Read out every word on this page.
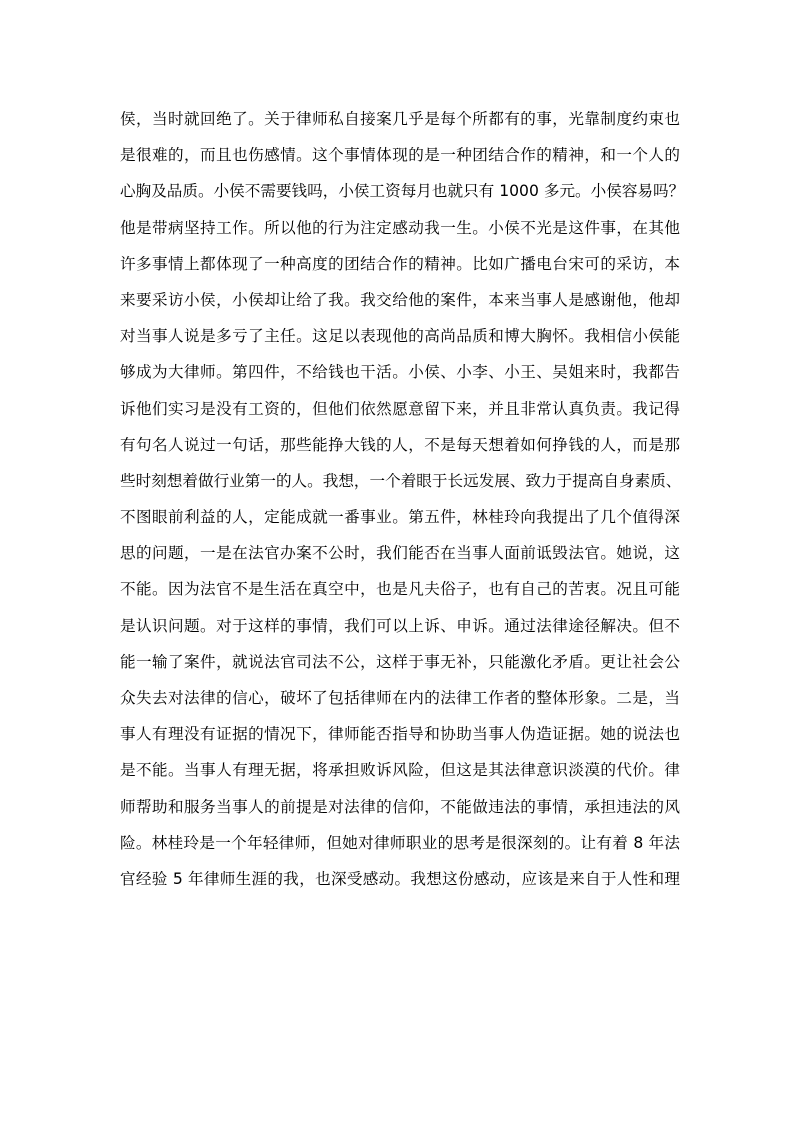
侯，当时就回绝了。关于律师私自接案几乎是每个所都有的事，光靠制度约束也
是很难的，而且也伤感情。这个事情体现的是一种团结合作的精神，和一个人的
心胸及品质。小侯不需要钱吗，小侯工资每月也就只有 1000 多元。小侯容易吗？
他是带病坚持工作。所以他的行为注定感动我一生。小侯不光是这件事，在其他
许多事情上都体现了一种高度的团结合作的精神。比如广播电台宋可的采访，本
来要采访小侯，小侯却让给了我。我交给他的案件，本来当事人是感谢他，他却
对当事人说是多亏了主任。这足以表现他的高尚品质和博大胸怀。我相信小侯能
够成为大律师。第四件，不给钱也干活。小侯、小李、小王、吴姐来时，我都告
诉他们实习是没有工资的，但他们依然愿意留下来，并且非常认真负责。我记得
有句名人说过一句话，那些能挣大钱的人，不是每天想着如何挣钱的人，而是那
些时刻想着做行业第一的人。我想，一个着眼于长远发展、致力于提高自身素质、
不图眼前利益的人，定能成就一番事业。第五件，林桂玲向我提出了几个值得深
思的问题，一是在法官办案不公时，我们能否在当事人面前诋毁法官。她说，这
不能。因为法官不是生活在真空中，也是凡夫俗子，也有自己的苦衷。况且可能
是认识问题。对于这样的事情，我们可以上诉、申诉。通过法律途径解决。但不
能一输了案件，就说法官司法不公，这样于事无补，只能激化矛盾。更让社会公
众失去对法律的信心，破坏了包括律师在内的法律工作者的整体形象。二是，当
事人有理没有证据的情况下，律师能否指导和协助当事人伪造证据。她的说法也
是不能。当事人有理无据，将承担败诉风险，但这是其法律意识淡漠的代价。律
师帮助和服务当事人的前提是对法律的信仰，不能做违法的事情，承担违法的风
险。林桂玲是一个年轻律师，但她对律师职业的思考是很深刻的。让有着 8 年法
官经验 5 年律师生涯的我，也深受感动。我想这份感动，应该是来自于人性和理
